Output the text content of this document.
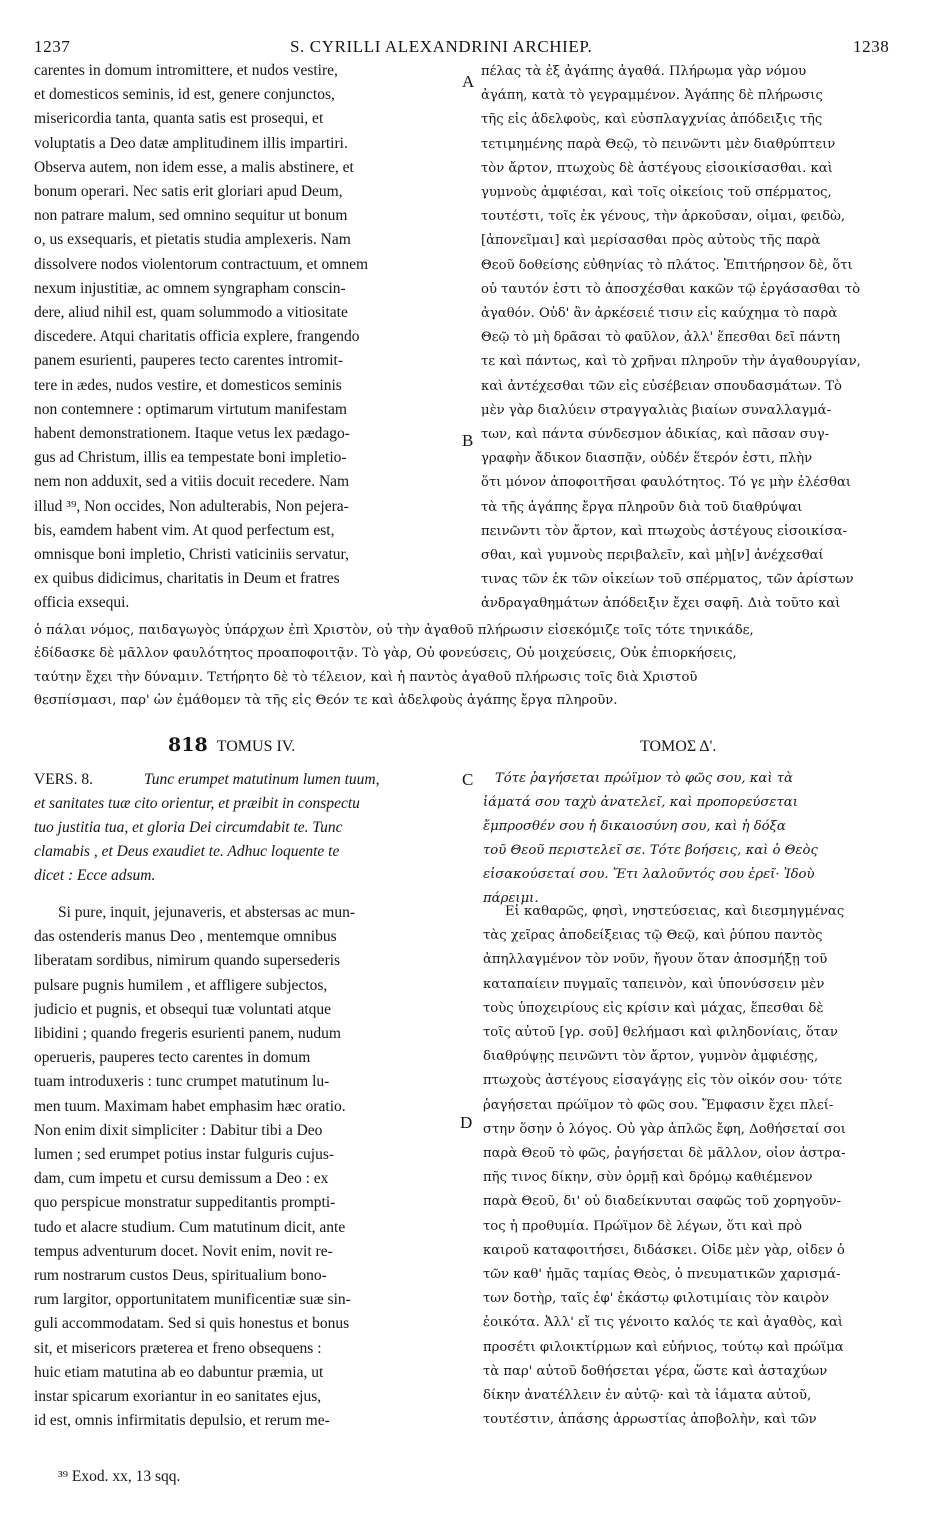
1237	S. CYRILLI ALEXANDRINI ARCHIEP.	1238
carentes in domum intromittere, et nudos vestire,
et domesticos seminis, id est, genere conjunctos,
misericordia tanta, quanta satis est prosequi, et
voluptatis a Deo datæ amplitudinem illis impartiri.
Observa autem, non idem esse, a malis abstinere, et
bonum operari. Nec satis erit gloriari apud Deum,
non patrare malum, sed omnino sequitur ut bonum
o, us exsequaris, et pietatis studia amplexeris. Nam
dissolvere nodos violentorum contractuum, et omnem
nexum injustitiæ, ac omnem syngrapham conscin-
dere, aliud nihil est, quam solummodo a vitiositate
discedere. Atqui charitatis officia explere, frangendo
panem esurienti, pauperes tecto carentes intromit-
tere in ædes, nudos vestire, et domesticos seminis
non contemnere : optimarum virtutum manifestam
habent demonstrationem. Itaque vetus lex pædago-
gus ad Christum, illis ea tempestate boni impletio-
nem non adduxit, sed a vitiis docuit recedere. Nam
illud ³⁹, Non occides, Non adulterabis, Non pejera-
bis, eamdem habent vim. At quod perfectum est,
omnisque boni impletio, Christi vaticiniis servatur,
ex quibus didicimus, charitatis in Deum et fratres
officia exsequi.
πέλας τὰ ἐξ ἀγάπης ἀγαθά. Πλήρωμα γὰρ νόμου
ἀγάπη, κατὰ τὸ γεγραμμένον. Ἀγάπης δὲ πλήρωσις
τῆς εἰς ἀδελφοὺς, καὶ εὐσπλαγχνίας ἀπόδειξις τῆς
τετιμημένης παρὰ Θεῷ, τὸ πεινῶντι μὲν διαθρύπτειν
τὸν ἄρτον, πτωχοὺς δὲ ἀστέγους εἰσοικίσασθαι. καὶ
γυμνοὺς ἀμφιέσαι, καὶ τοῖς οἰκείοις τοῦ σπέρματος,
τουτέστι, τοῖς ἐκ γένους, τὴν ἀρκοῦσαν, οἶμαι, φειδὼ,
[ἀπονεῖμαι] καὶ μερίσασθαι πρὸς αὐτοὺς τῆς παρὰ
Θεοῦ δοθείσης εὐθηνίας τὸ πλάτος. Ἐπιτήρησον δὲ, ὅτι
οὐ ταυτόν ἐστι τὸ ἀποσχέσθαι κακῶν τῷ ἐργάσασθαι τὸ
ἀγαθόν. Οὐδ' ἂν ἀρκέσειέ τισιν εἰς καύχημα τὸ παρὰ
Θεῷ τὸ μὴ δρᾶσαι τὸ φαῦλον, ἀλλ' ἕπεσθαι δεῖ πάντη
τε καὶ πάντως, καὶ τὸ χρῆναι πληροῦν τὴν ἀγαθουργίαν,
καὶ ἀντέχεσθαι τῶν εἰς εὐσέβειαν σπουδασμάτων. Τὸ
μὲν γὰρ διαλύειν στραγγαλιὰς βιαίων συναλλαγμά-
των, καὶ πάντα σύνδεσμον ἀδικίας, καὶ πᾶσαν συγ-
γραφὴν ἄδικον διασπᾷν, οὐδέν ἕτερόν ἐστι, πλὴν
ὅτι μόνον ἀποφοιτῆσαι φαυλότητος. Τό γε μὴν ἐλέσθαι
τὰ τῆς ἀγάπης ἔργα πληροῦν διὰ τοῦ διαθρύψαι
πεινῶντι τὸν ἄρτον, καὶ πτωχοὺς ἀστέγους εἰσοικίσα-
σθαι, καὶ γυμνοὺς περιβαλεῖν, καὶ μὴ[ν] ἀνέχεσθαί
τινας τῶν ἐκ τῶν οἰκείων τοῦ σπέρματος, τῶν ἀρίστων
ἀνδραγαθημάτων ἀπόδειξιν ἔχει σαφῆ. Διὰ τοῦτο καὶ
ὁ πάλαι νόμος, παιδαγωγὸς ὑπάρχων ἐπὶ Χριστὸν, οὐ τὴν ἀγαθοῦ πλήρωσιν εἰσεκόμιζε τοῖς τότε τηνικάδε,
ἐδίδασκε δὲ μᾶλλον φαυλότητος προαποφοιτᾷν. Τὸ γὰρ, Οὐ φονεύσεις, Οὐ μοιχεύσεις, Οὐκ ἐπιορκήσεις,
ταύτην ἔχει τὴν δύναμιν. Τετήρητο δὲ τὸ τέλειον, καὶ ἡ παντὸς ἀγαθοῦ πλήρωσις τοῖς διὰ Χριστοῦ
θεσπίσμασι, παρ' ὧν ἐμάθομεν τὰ τῆς εἰς Θεόν τε καὶ ἀδελφοὺς ἀγάπης ἔργα πληροῦν.
A
B
C
D
818 TOMUS IV.	ΤΟΜΟΣ Δ'.
VERS. 8.	Tunc erumpet matutinum lumen tuum,
et sanitates tuæ cito orientur, et præibit in conspectu
tuo justitia tua, et gloria Dei circumdabit te. Tunc
clamabis , et Deus exaudiet te. Adhuc loquente te
dicet : Ecce adsum.
Τότε ῥαγήσεται πρώϊμον τὸ φῶς σου, καὶ τὰ
ἰάματά σου ταχὺ ἀνατελεῖ, καὶ προπορεύσεται
ἔμπροσθέν σου ἡ δικαιοσύνη σου, καὶ ἡ δόξα
τοῦ Θεοῦ περιστελεῖ σε. Τότε βοήσεις, καὶ ὁ Θεὸς
εἰσακούσεταί σου. Ἔτι λαλοῦντός σου ἐρεῖ· Ἰδοὺ
πάρειμι.
Si pure, inquit, jejunaveris, et abstersas ac mun-
das ostenderis manus Deo , mentemque omnibus
liberatam sordibus, nimirum quando supersederis
pulsare pugnis humilem , et affligere subjectos,
judicio et pugnis, et obsequi tuæ voluntati atque
libidini ; quando fregeris esurienti panem, nudum
operueris, pauperes tecto carentes in domum
tuam introduxeris : tunc crumpet matutinum lu-
men tuum. Maximam habet emphasim hæc oratio.
Non enim dixit simpliciter : Dabitur tibi a Deo
lumen ; sed erumpet potius instar fulguris cujus-
dam, cum impetu et cursu demissum a Deo : ex
quo perspicue monstratur suppeditantis prompti-
tudo et alacre studium. Cum matutinum dicit, ante
tempus adventurum docet. Novit enim, novit re-
rum nostrarum custos Deus, spiritualium bono-
rum largitor, opportunitatem munificentiæ suæ sin-
guli accommodatam. Sed si quis honestus et bonus
sit, et misericors præterea et freno obsequens :
huic etiam matutina ab eo dabuntur præmia, ut
instar spicarum exoriantur in eo sanitates ejus,
id est, omnis infirmitatis depulsio, et rerum me-
Εἰ καθαρῶς, φησὶ, νηστεύσειας, καὶ διεσμηγμένας
τὰς χεῖρας ἀποδείξειας τῷ Θεῷ, καὶ ῥύπου παντὸς
ἀπηλλαγμένον τὸν νοῦν, ἤγουν ὅταν ἀποσμήξῃ τοῦ
καταπαίειν πυγμαῖς ταπεινὸν, καὶ ὑπονύσσειν μὲν
τοὺς ὑποχειρίους εἰς κρίσιν καὶ μάχας, ἕπεσθαι δὲ
τοῖς αὐτοῦ [γρ. σοῦ] θελήμασι καὶ φιληδονίαις, ὅταν
διαθρύψῃς πεινῶντι τὸν ἄρτον, γυμνὸν ἀμφιέσῃς,
πτωχοὺς ἀστέγους εἰσαγάγῃς εἰς τὸν οἶκόν σου· τότε
ῥαγήσεται πρώϊμον τὸ φῶς σου. Ἔμφασιν ἔχει πλεί-
στην ὅσην ὁ λόγος. Οὐ γὰρ ἁπλῶς ἔφη, Δοθήσεταί σοι
παρὰ Θεοῦ τὸ φῶς, ῥαγήσεται δὲ μᾶλλον, οἷον ἀστρα-
πῆς τινος δίκην, σὺν ὁρμῇ καὶ δρόμῳ καθιέμενον
παρὰ Θεοῦ, δι' οὗ διαδείκνυται σαφῶς τοῦ χορηγοῦν-
τος ἡ προθυμία. Πρώϊμον δὲ λέγων, ὅτι καὶ πρὸ
καιροῦ καταφοιτήσει, διδάσκει. Οἶδε μὲν γὰρ, οἶδεν ὁ
τῶν καθ' ἡμᾶς ταμίας Θεὸς, ὁ πνευματικῶν χαρισμά-
των δοτὴρ, ταῖς ἐφ' ἑκάστῳ φιλοτιμίαις τὸν καιρὸν
ἐοικότα. Ἀλλ' εἴ τις γένοιτο καλός τε καὶ ἀγαθὸς, καὶ
προσέτι φιλοικτίρμων καὶ εὐήνιος, τούτῳ καὶ πρώϊμα
τὰ παρ' αὐτοῦ δοθήσεται γέρα, ὥστε καὶ ἀσταχύων
δίκην ἀνατέλλειν ἐν αὐτῷ· καὶ τὰ ἰάματα αὐτοῦ,
τουτέστιν, ἁπάσης ἀρρωστίας ἀποβολὴν, καὶ τῶν
³⁹ Exod. xx, 13 sqq.
